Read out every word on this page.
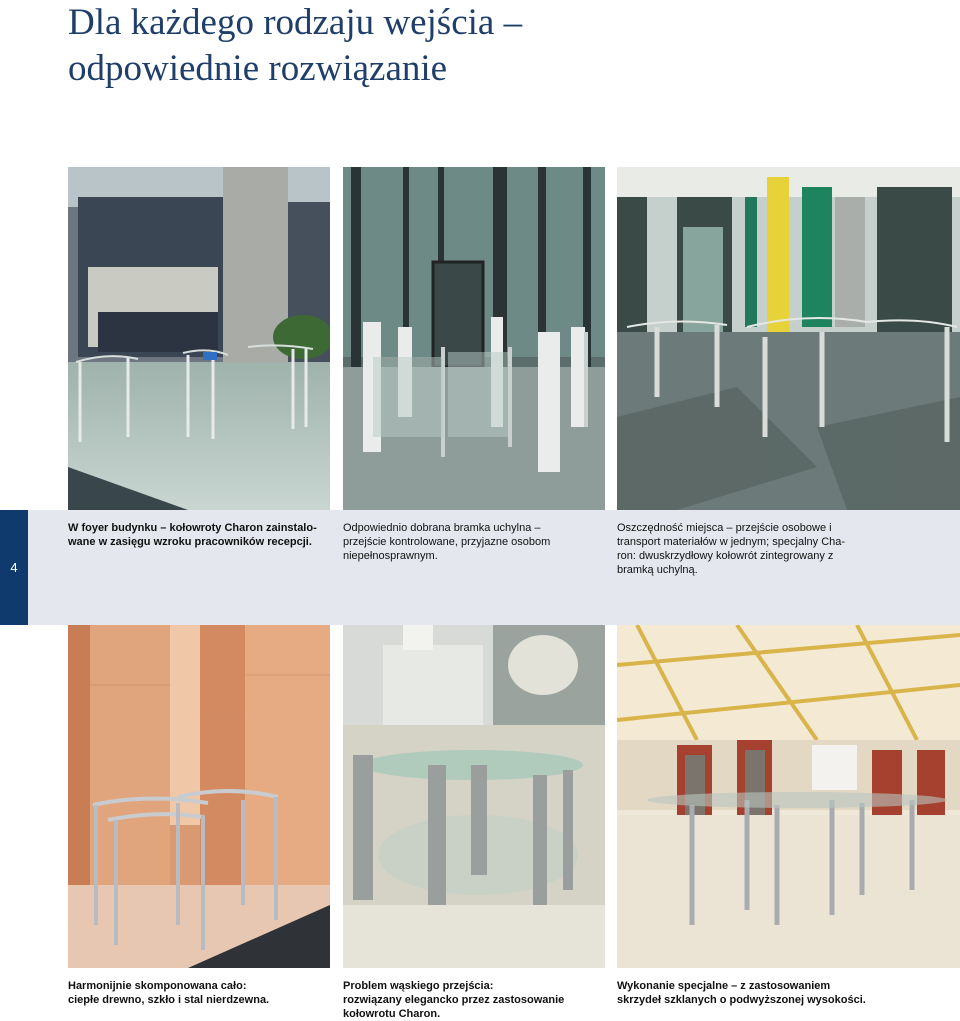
Dla każdego rodzaju wejścia –
odpowiednie rozwiązanie
4

W foyer budynku – kołowroty Charon zainstalo-
wane w zasięgu wzroku pracowników recepcji.

Odpowiednio dobrana bramka uchylna –
przejście kontrolowane, przyjazne osobom
niepełnosprawnym.

Oszczędność miejsca – przejście osobowe i
transport materiałów w jednym; specjalny Cha-
ron: dwuskrzydłowy kołowrót zintegrowany z
bramką uchylną.

Harmonijnie skomponowana cało:
ciepłe drewno, szkło i stal nierdzewna.

Problem wąskiego przejścia:
rozwiązany elegancko przez zastosowanie
kołowrotu Charon.

Wykonanie specjalne – z zastosowaniem
skrzydeł szklanych o podwyższonej wysokości.
